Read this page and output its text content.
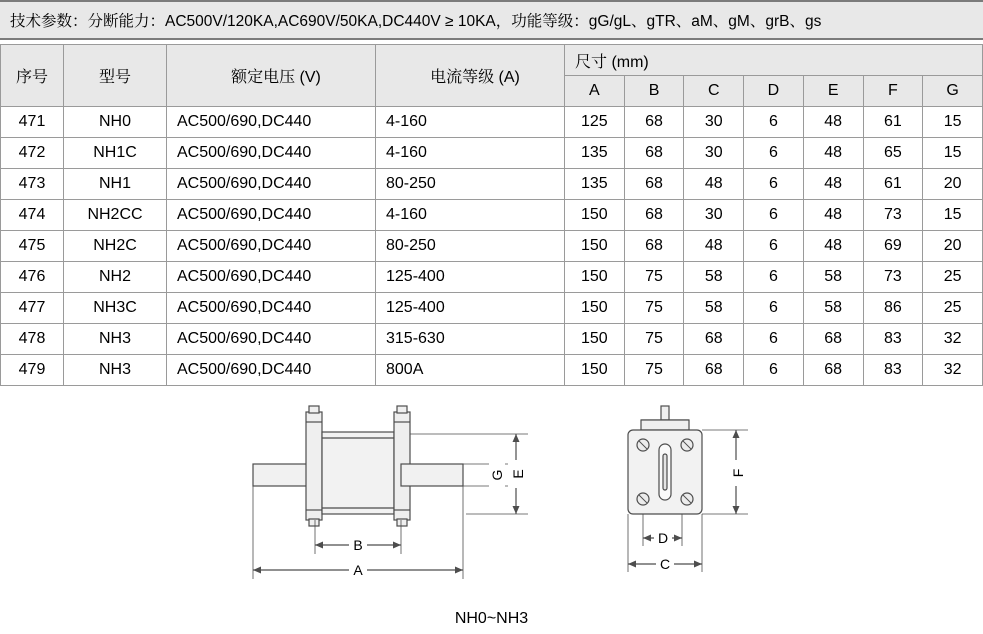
技术参数：分断能力：AC500V/120KA,AC690V/50KA,DC440V ≥ 10KA，功能等级：gG/gL、gTR、aM、gM、grB、gs
序号	型号	额定电压 (V)	电流等级 (A)	尺寸 (mm)						
				A	B	C	D	E	F	G
471	NH0	AC500/690,DC440	4-160	125	68	30	6	48	61	15
472	NH1C	AC500/690,DC440	4-160	135	68	30	6	48	65	15
473	NH1	AC500/690,DC440	80-250	135	68	48	6	48	61	20
474	NH2CC	AC500/690,DC440	4-160	150	68	30	6	48	73	15
475	NH2C	AC500/690,DC440	80-250	150	68	48	6	48	69	20
476	NH2	AC500/690,DC440	125-400	150	75	58	6	58	73	25
477	NH3C	AC500/690,DC440	125-400	150	75	58	6	58	86	25
478	NH3	AC500/690,DC440	315-630	150	75	68	6	68	83	32
479	NH3	AC500/690,DC440	800A	150	75	68	6	68	83	32
E
G
B
A
F
D
C
NH0~NH3
